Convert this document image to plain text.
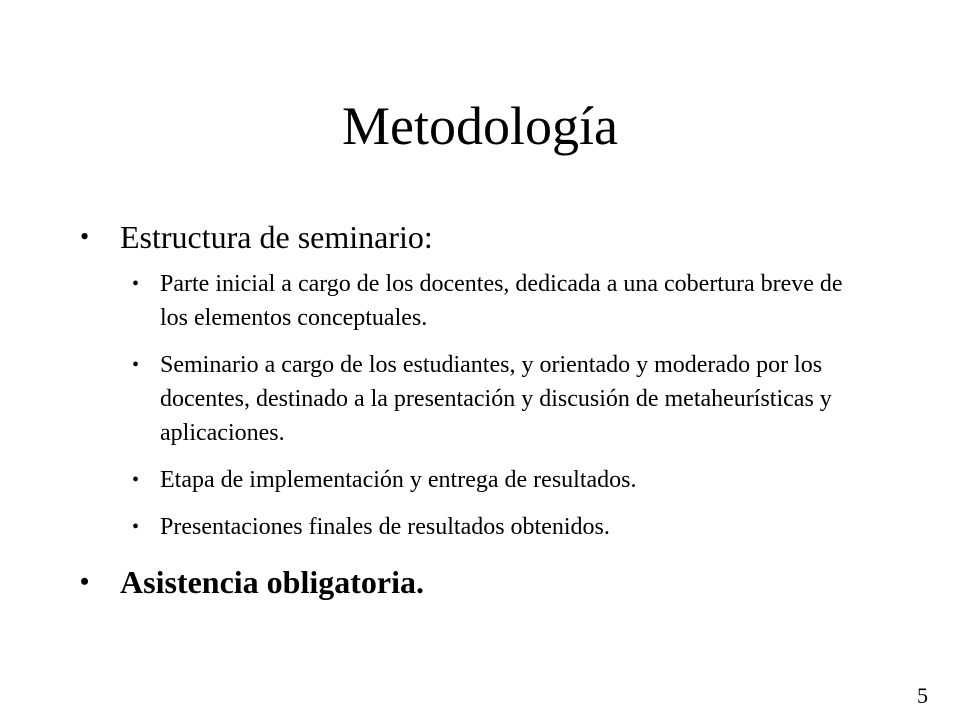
Metodología
• Estructura de seminario:
• Parte inicial a cargo de los docentes, dedicada a una cobertura breve de los elementos conceptuales.
• Seminario a cargo de los estudiantes, y orientado y moderado por los docentes, destinado a la presentación y discusión de metaheurísticas y aplicaciones.
• Etapa de implementación y entrega de resultados.
• Presentaciones finales de resultados obtenidos.
• Asistencia obligatoria.
5
